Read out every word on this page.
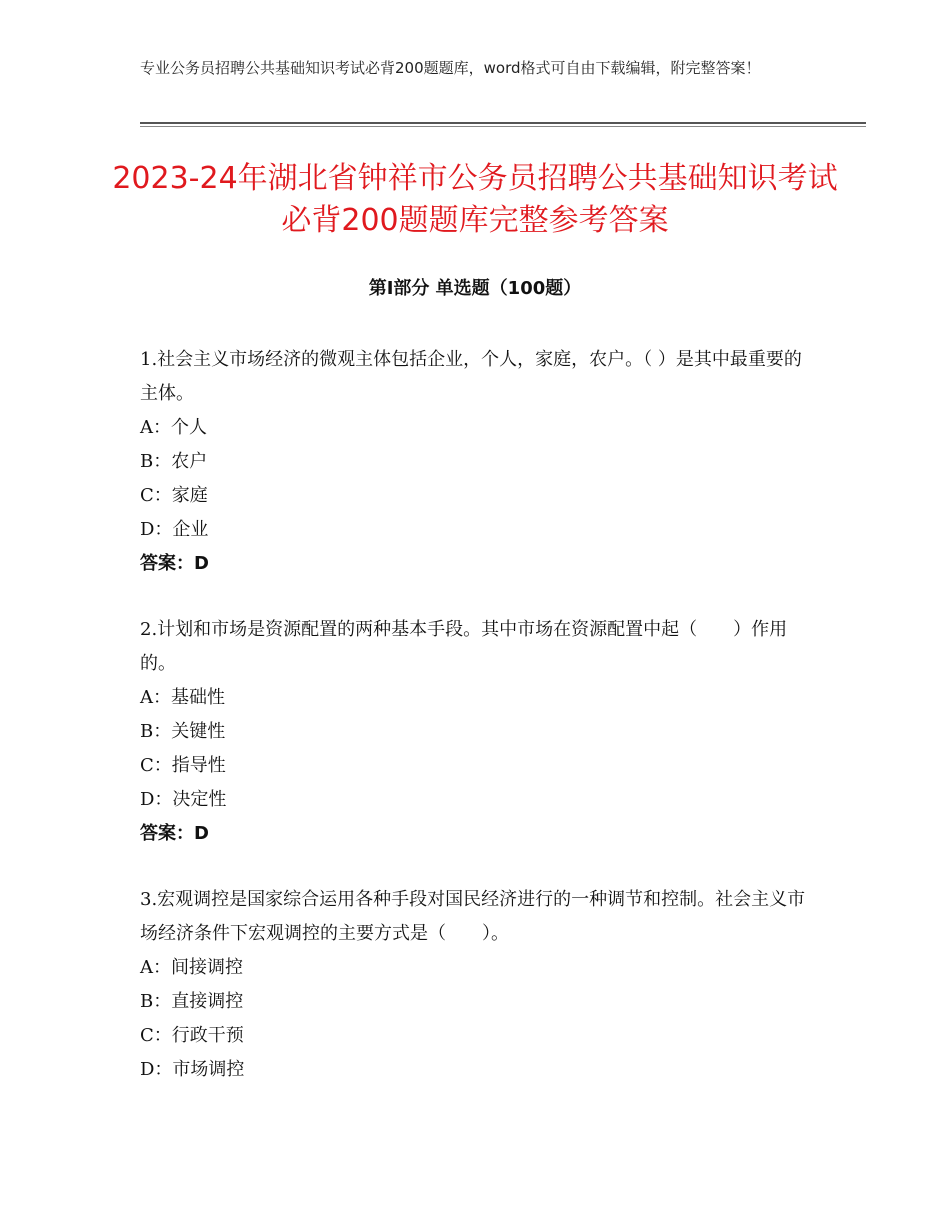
专业公务员招聘公共基础知识考试必背200题题库，word格式可自由下载编辑，附完整答案！
2023-24年湖北省钟祥市公务员招聘公共基础知识考试必背200题题库完整参考答案
第Ⅰ部分 单选题（100题）

1.社会主义市场经济的微观主体包括企业，个人，家庭，农户。（ ）是其中最重要的主体。

A：个人

B：农户

C：家庭

D：企业

答案：D

2.计划和市场是资源配置的两种基本手段。其中市场在资源配置中起（　　）作用的。

A：基础性

B：关键性

C：指导性

D：决定性

答案：D

3.宏观调控是国家综合运用各种手段对国民经济进行的一种调节和控制。社会主义市场经济条件下宏观调控的主要方式是（　　）。

A：间接调控

B：直接调控

C：行政干预

D：市场调控
